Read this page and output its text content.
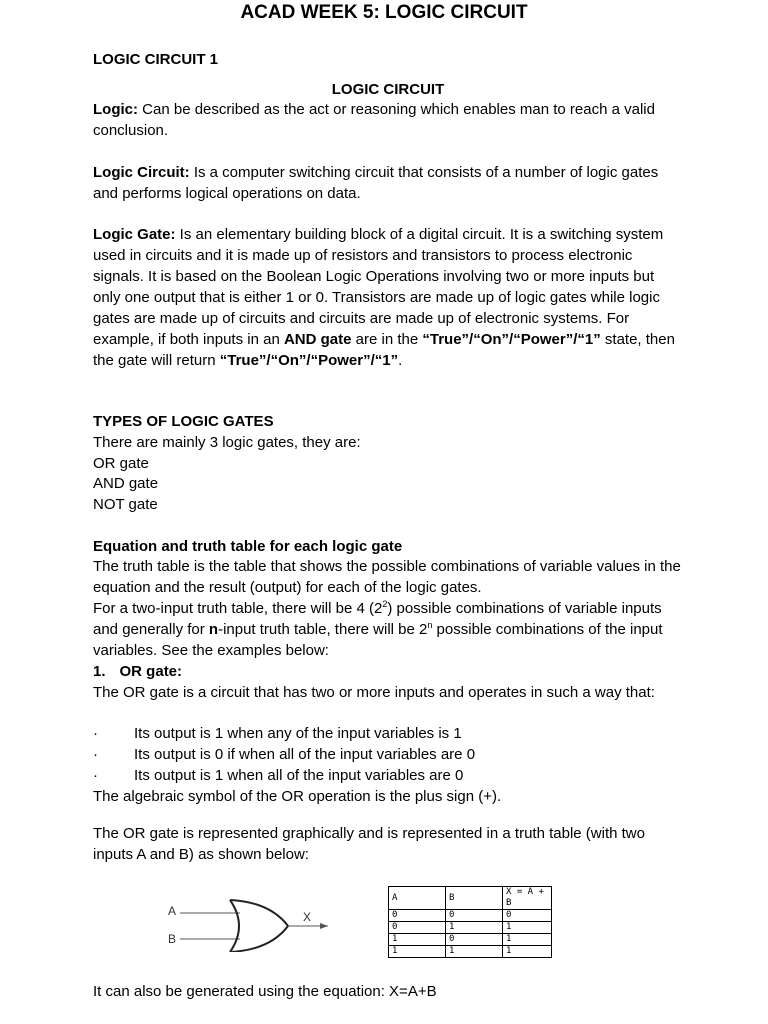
ACAD WEEK 5: LOGIC CIRCUIT
LOGIC CIRCUIT 1
LOGIC CIRCUIT
Logic: Can be described as the act or reasoning which enables man to reach a valid conclusion.
Logic Circuit: Is a computer switching circuit that consists of a number of logic gates and performs logical operations on data.
Logic Gate: Is an elementary building block of a digital circuit. It is a switching system used in circuits and it is made up of resistors and transistors to process electronic signals. It is based on the Boolean Logic Operations involving two or more inputs but only one output that is either 1 or 0. Transistors are made up of logic gates while logic gates are made up of circuits and circuits are made up of electronic systems. For example, if both inputs in an AND gate are in the “True”/“On”/“Power”/“1” state, then the gate will return “True”/“On”/“Power”/“1”.
TYPES OF LOGIC GATES
There are mainly 3 logic gates, they are:
OR gate
AND gate
NOT gate
Equation and truth table for each logic gate
The truth table is the table that shows the possible combinations of variable values in the equation and the result (output) for each of the logic gates.
For a two-input truth table, there will be 4 $(2^2)$ possible combinations of variable inputs and generally for n-input truth table, there will be 2$^n$ possible combinations of the input variables. See the examples below:
1. OR gate:
The OR gate is a circuit that has two or more inputs and operates in such a way that:
· Its output is 1 when any of the input variables is 1
· Its output is 0 if when all of the input variables are 0
· Its output is 1 when all of the input variables are 0
The algebraic symbol of the OR operation is the plus sign (+).
The OR gate is represented graphically and is represented in a truth table (with two inputs A and B) as shown below:
A
B
X
A	B	X = A + B
0	0	0
0	1	1
1	0	1
1	1	1
It can also be generated using the equation: X=A+B
